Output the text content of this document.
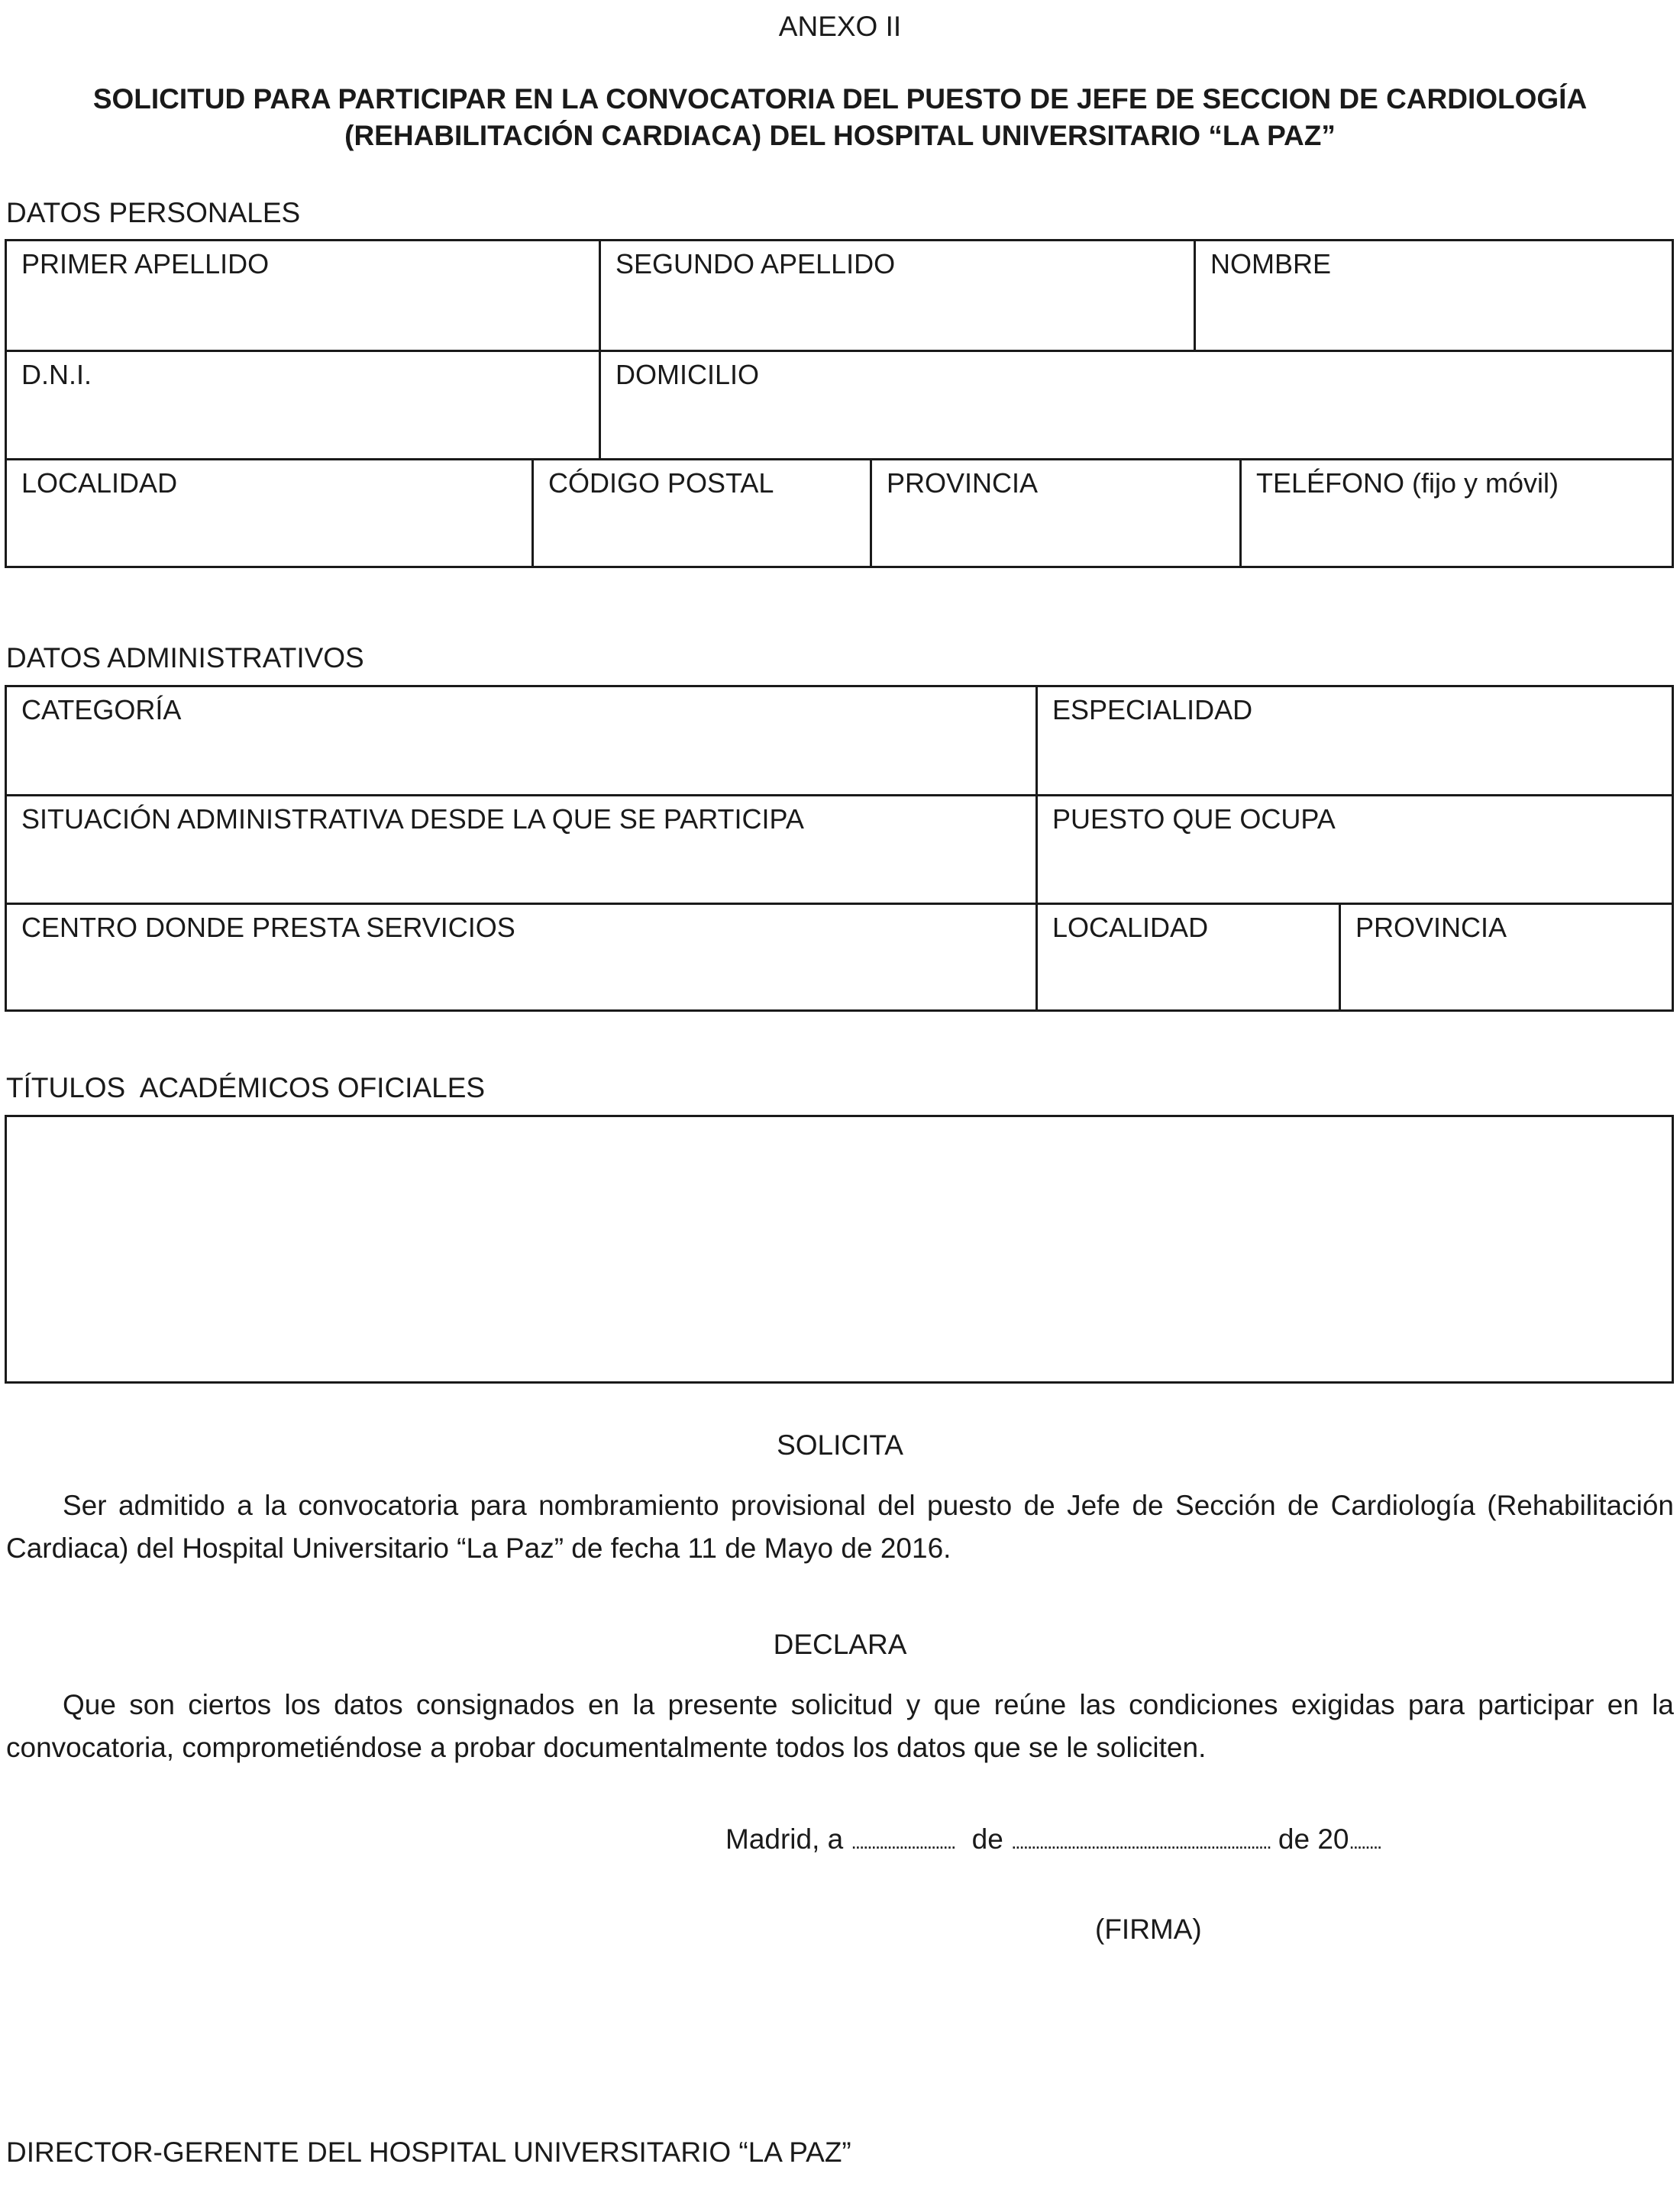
ANEXO II
SOLICITUD PARA PARTICIPAR EN LA CONVOCATORIA DEL PUESTO DE JEFE DE SECCION DE CARDIOLOGÍA
(REHABILITACIÓN CARDIACA) DEL HOSPITAL UNIVERSITARIO “LA PAZ”
DATOS PERSONALES
PRIMER APELLIDO	SEGUNDO APELLIDO	NOMBRE
D.N.I.	DOMICILIO
LOCALIDAD	CÓDIGO POSTAL	PROVINCIA	TELÉFONO (fijo y móvil)
DATOS ADMINISTRATIVOS
CATEGORÍA	ESPECIALIDAD
SITUACIÓN ADMINISTRATIVA DESDE LA QUE SE PARTICIPA	PUESTO QUE OCUPA
CENTRO DONDE PRESTA SERVICIOS	LOCALIDAD	PROVINCIA
TÍTULOS  ACADÉMICOS OFICIALES
SOLICITA
Ser admitido a la convocatoria para nombramiento provisional del puesto de Jefe de Sección de Cardiología (Rehabilitación Cardiaca) del Hospital Universitario “La Paz” de fecha 11 de Mayo de 2016.
DECLARA
Que son ciertos los datos consignados en la presente solicitud y que reúne las condiciones exigidas para participar en la convocatoria, comprometiéndose a probar documentalmente todos los datos que se le soliciten.
Madrid, a .......................... de ................................................................. de 20........
(FIRMA)
DIRECTOR-GERENTE DEL HOSPITAL UNIVERSITARIO “LA PAZ”
